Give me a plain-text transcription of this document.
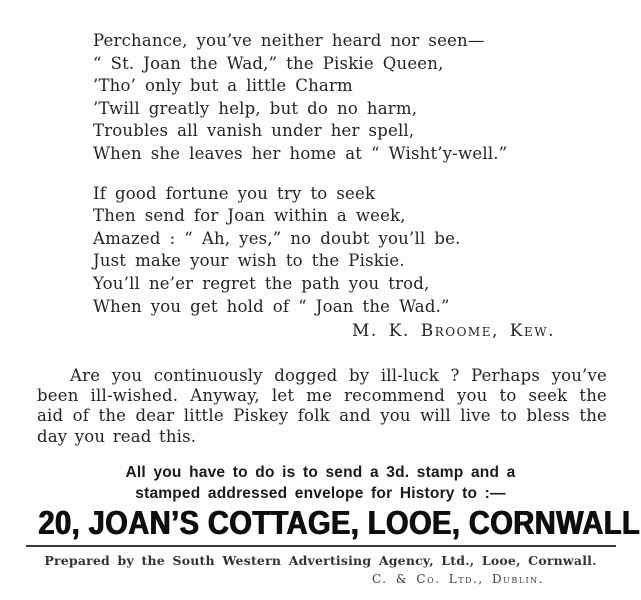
Perchance, you’ve neither heard nor seen—
“ St. Joan the Wad,” the Piskie Queen,
’Tho’ only but a little Charm
’Twill greatly help, but do no harm,
Troubles all vanish under her spell,
When she leaves her home at “ Wisht’y-well.”
If good fortune you try to seek
Then send for Joan within a week,
Amazed : “ Ah, yes,” no doubt you’ll be.
Just make your wish to the Piskie.
You’ll ne’er regret the path you trod,
When you get hold of “ Joan the Wad.”
M. K. Broome, Kew.
Are you continuously dogged by ill-luck ? Perhaps you’ve
been ill-wished. Anyway, let me recommend you to seek the
aid of the dear little Piskey folk and you will live to bless the
day you read this.
All you have to do is to send a 3d. stamp and a
stamped addressed envelope for History to :—
20, JOAN’S COTTAGE, LOOE, CORNWALL
Prepared by the South Western Advertising Agency, Ltd., Looe, Cornwall.
C. & Co. Ltd., Dublin.
